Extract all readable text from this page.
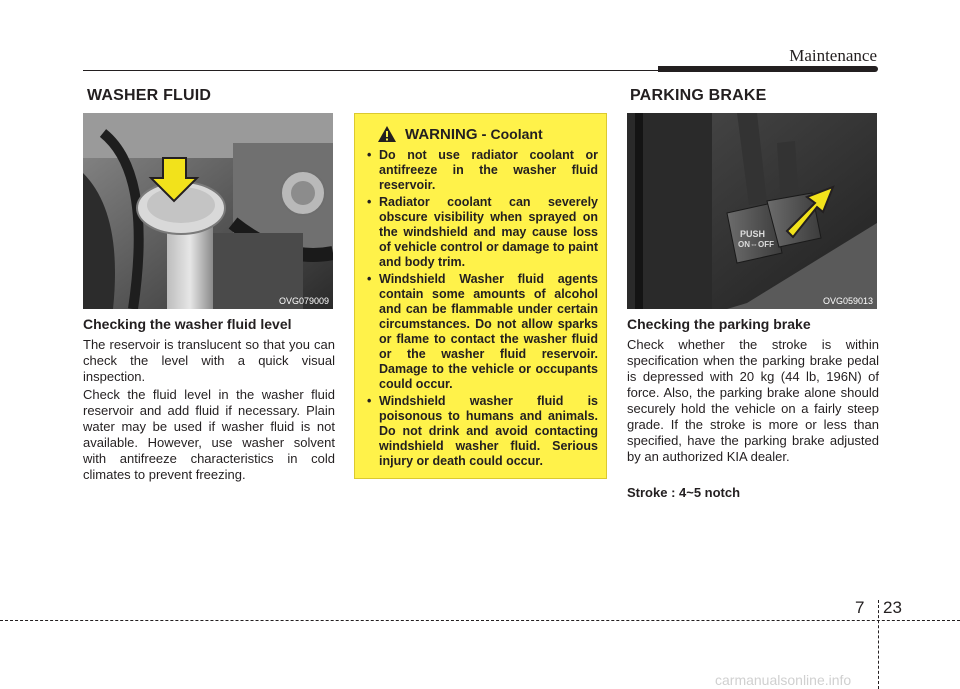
Maintenance
WASHER FLUID	PARKING BRAKE
OVG079009
Checking the washer fluid level
The reservoir is translucent so that you can check the level with a quick visual inspection.
Check the fluid level in the washer fluid reservoir and add fluid if necessary. Plain water may be used if washer fluid is not available. However, use washer solvent with antifreeze characteristics in cold climates to prevent freezing.
WARNING - Coolant
• Do not use radiator coolant or antifreeze in the washer fluid reservoir.
• Radiator coolant can severely obscure visibility when sprayed on the windshield and may cause loss of vehicle control or damage to paint and body trim.
• Windshield Washer fluid agents contain some amounts of alcohol and can be flammable under certain circumstances. Do not allow sparks or flame to contact the washer fluid or the washer fluid reservoir. Damage to the vehicle or occupants could occur.
• Windshield washer fluid is poisonous to humans and animals. Do not drink and avoid contacting windshield washer fluid. Serious injury or death could occur.
PUSH
ON⇔OFF
OVG059013
Checking the parking brake
Check whether the stroke is within specification when the parking brake pedal is depressed with 20 kg (44 lb, 196N) of force. Also, the parking brake alone should securely hold the vehicle on a fairly steep grade. If the stroke is more or less than specified, have the parking brake adjusted by an authorized KIA dealer.
Stroke : 4~5 notch
7 23
carmanualsonline.info
